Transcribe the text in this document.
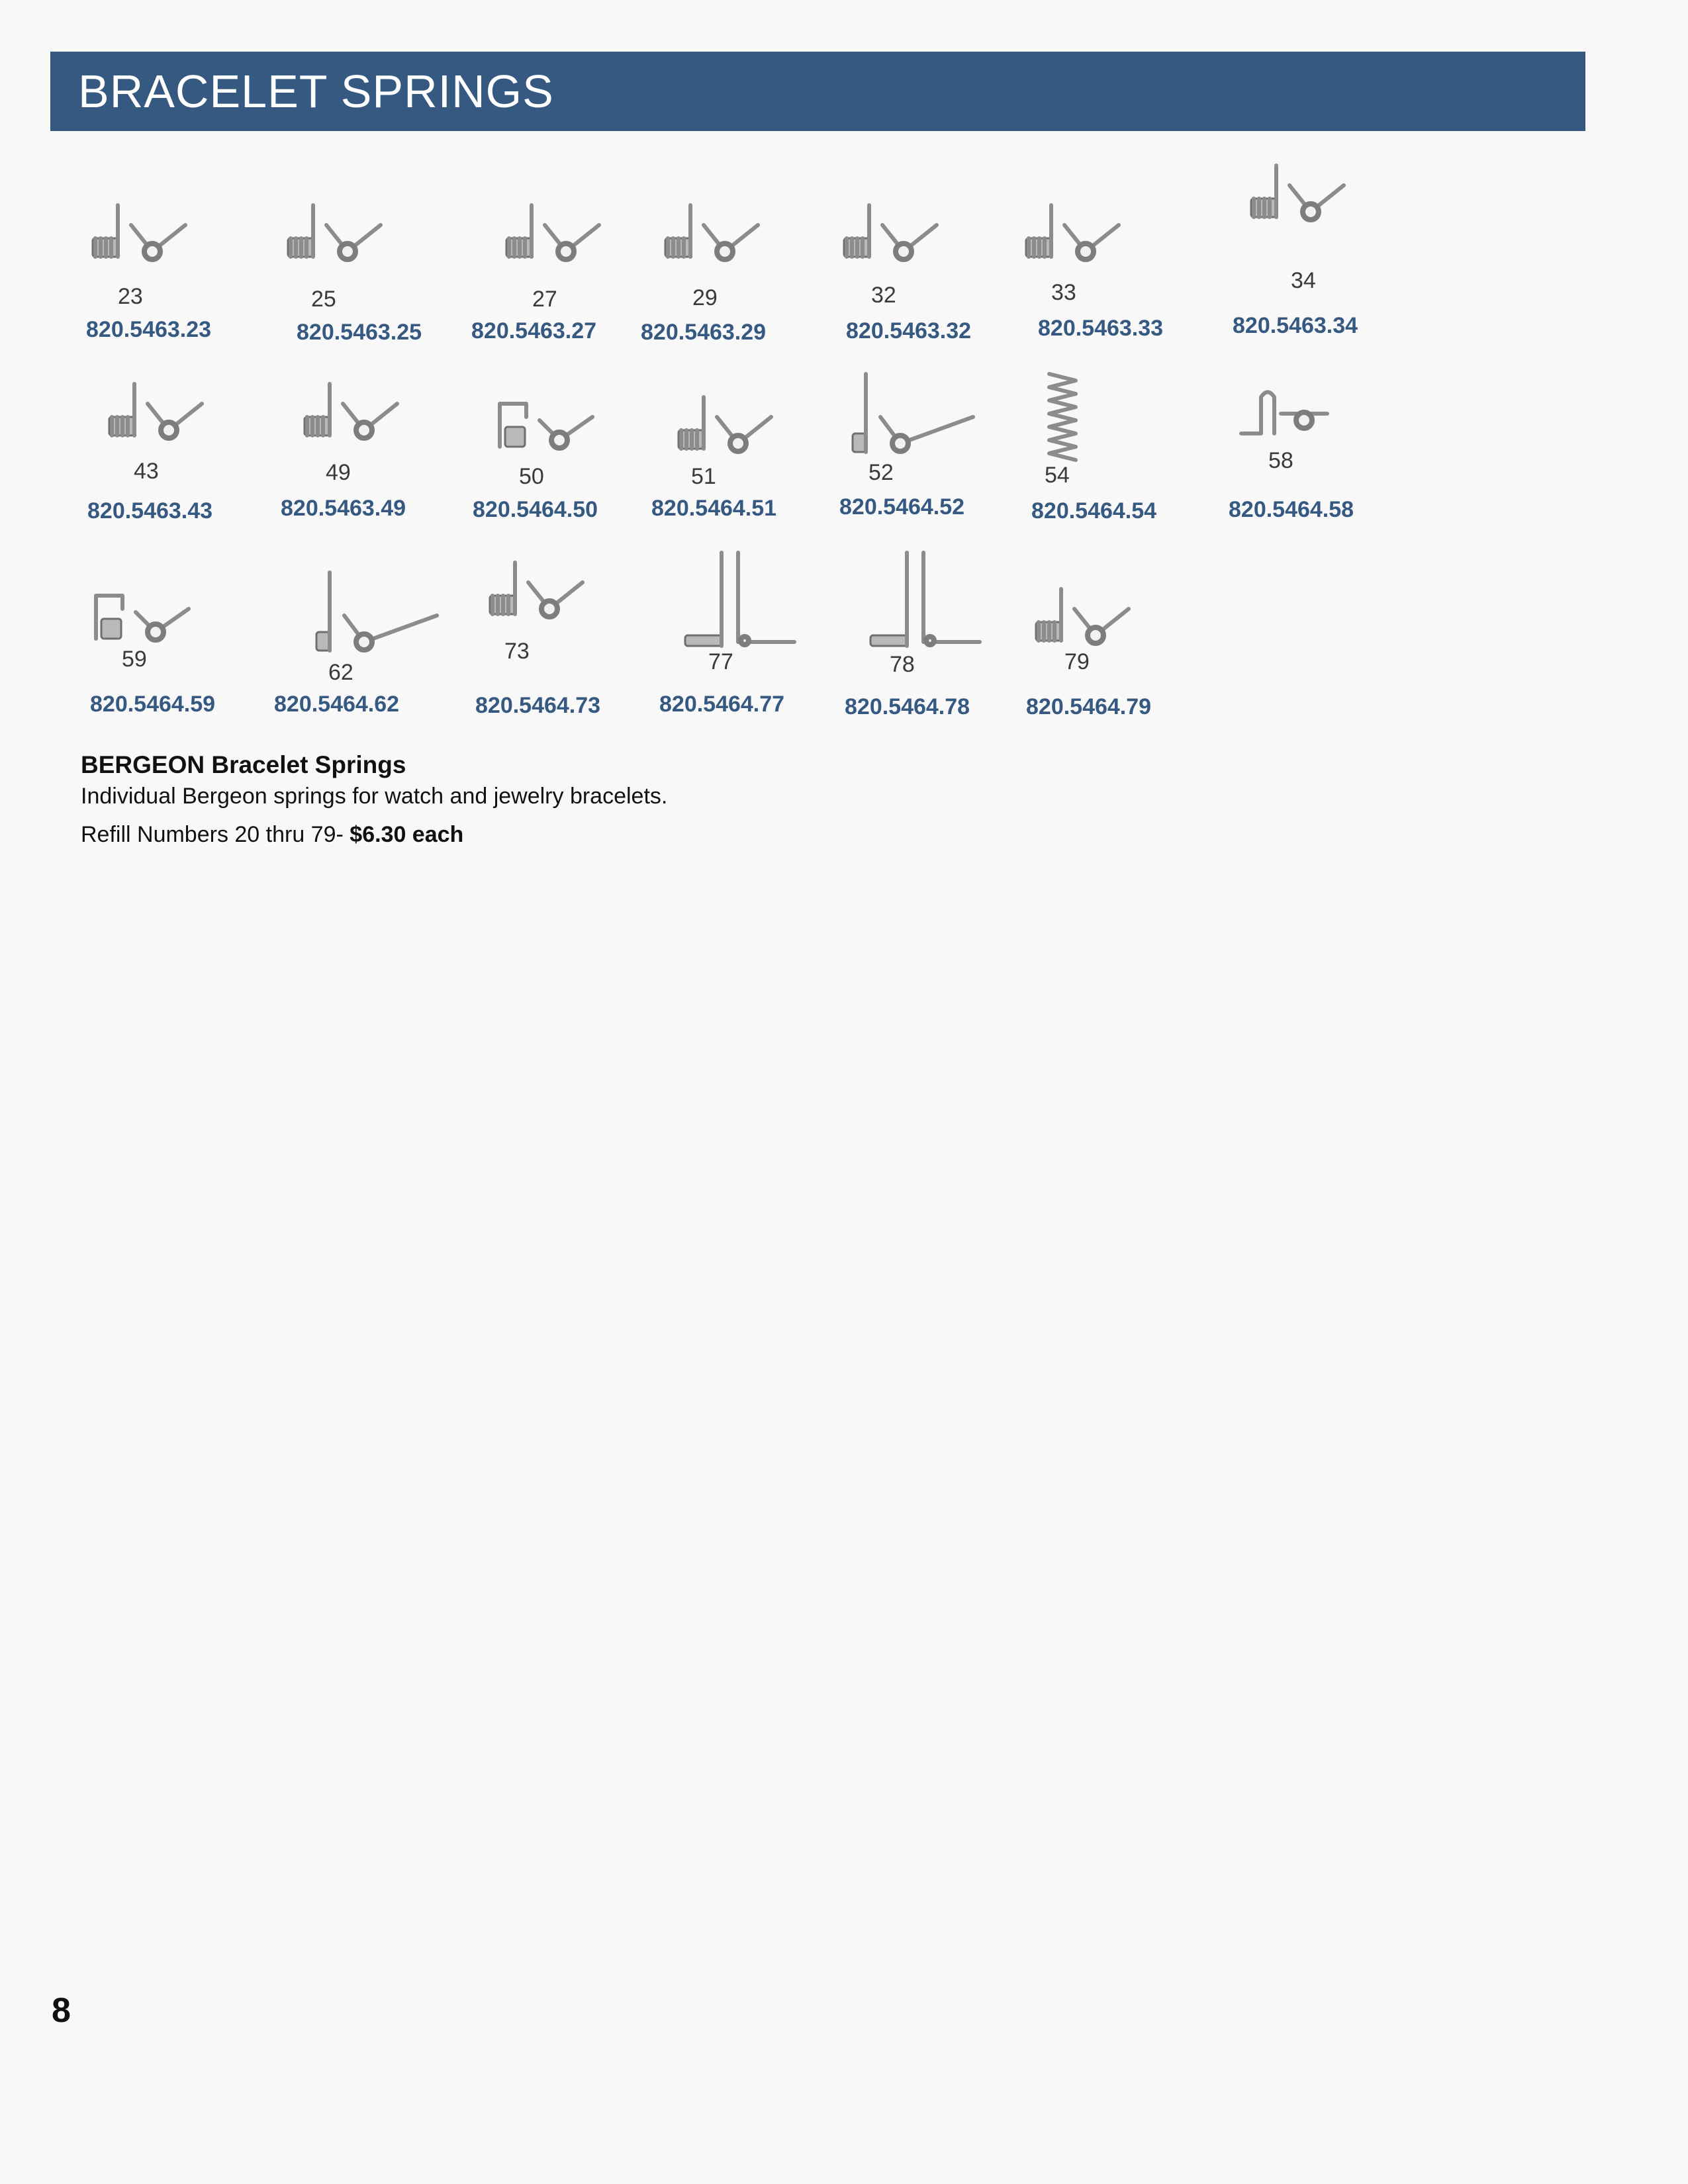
BRACELET SPRINGS
23
820.5463.23
25
820.5463.25
27
820.5463.27
29
820.5463.29
32
820.5463.32
33
820.5463.33
34
820.5463.34
43
820.5463.43
49
820.5463.49
50
820.5464.50
51
820.5464.51
52
820.5464.52
54
820.5464.54
58
820.5464.58
59
820.5464.59
62
820.5464.62
73
820.5464.73
77
820.5464.77
78
820.5464.78
79
820.5464.79
BERGEON Bracelet Springs
Individual Bergeon springs for watch and jewelry bracelets.
Refill Numbers 20 thru 79- $6.30 each
8
